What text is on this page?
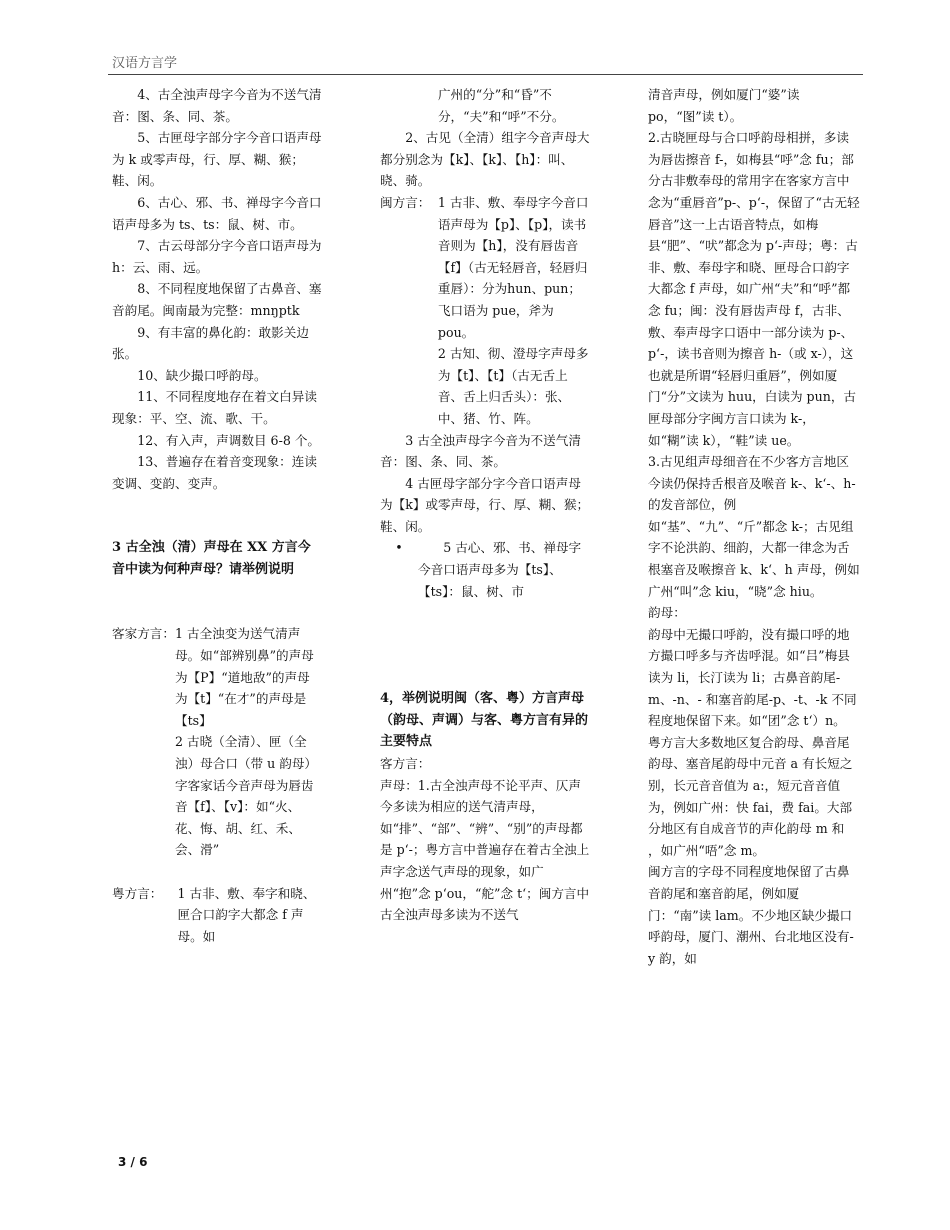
汉语方言学

4、古全浊声母字今音为不送气清音：图、条、同、茶。

5、古匣母字部分字今音口语声母为 k 或零声母，行、厚、糊、猴；鞋、闲。

6、古心、邪、书、禅母字今音口语声母多为 ts、ts：鼠、树、市。

7、古云母部分字今音口语声母为 h：云、雨、远。

8、不同程度地保留了古鼻音、塞音韵尾。闽南最为完整：mnŋptk

9、有丰富的鼻化韵：敢影关边张。

10、缺少撮口呼韵母。

11、不同程度地存在着文白异读现象：平、空、流、歌、干。

12、有入声，声调数目 6-8 个。

13、普遍存在着音变现象：连读变调、变韵、变声。

3 古全浊（清）声母在 XX 方言今音中读为何种声母？请举例说明

客家方言： 1 古全浊变为送气清声母。如“部辨别鼻”的声母为【P】“道地敌”的声母为【t】“在才”的声母是【ts】

2 古晓（全清）、匣（全浊）母合口（带 u 韵母）字客家话今音声母为唇齿音【f】、【v】：如“火、花、悔、胡、红、禾、会、滑”

粤方言： 1 古非、敷、奉字和晓、匣合口韵字大都念 f 声母。如

广州的“分”和“昏”不分，“夫”和“呼”不分。

2、古见（全清）组字今音声母大都分别念为【k】、【k】、【h】：叫、晓、骑。

闽方言： 1 古非、敷、奉母字今音口语声母为【p】、【p】，读书音则为【h】，没有唇齿音【f】（古无轻唇音，轻唇归重唇）：分为hun、pun；飞口语为 pue，斧为pou。

2 古知、彻、澄母字声母多为【t】、【t】（古无舌上音、舌上归舌头）：张、中、猪、竹、阵。

3 古全浊声母字今音为不送气清音：图、条、同、茶。

4 古匣母字部分字今音口语声母为【k】或零声母，行、厚、糊、猴；鞋、闲。

•	5 古心、邪、书、禅母字今音口语声母多为【ts】、【ts】：鼠、树、市

4，举例说明闽（客、粤）方言声母（韵母、声调）与客、粤方言有异的主要特点

客方言：

声母：1.古全浊声母不论平声、仄声今多读为相应的送气清声母，如“排”、“部”、“辨”、“别”的声母都是 p‘-；粤方言中普遍存在着古全浊上声字念送气声母的现象，如广州“抱”念 p‘ou，“舵”念 t‘；闽方言中古全浊声母多读为不送气

清音声母，例如厦门“婆”读 po，“图”读 t）。

2.古晓匣母与合口呼韵母相拼，多读为唇齿擦音 f-，如梅县“呼”念 fu；部分古非敷奉母的常用字在客家方言中念为“重唇音”p-、p‘-，保留了“古无轻唇音”这一上古语音特点，如梅县“肥”、“吠”都念为 p‘-声母；粤：古非、敷、奉母字和晓、匣母合口韵字大都念 f 声母，如广州“夫”和“呼”都念 fu；闽：没有唇齿声母 f，古非、敷、奉声母字口语中一部分读为 p-、p‘-，读书音则为擦音 h-（或 x-），这也就是所谓“轻唇归重唇”，例如厦门“分”文读为 huu，白读为 pun，古匣母部分字闽方言口读为 k-，如“糊”读 k），“鞋”读 ue。

3.古见组声母细音在不少客方言地区今读仍保持舌根音及喉音 k-、k‘-、h-的发音部位，例如“基”、“九”、“斤”都念 k-；古见组字不论洪韵、细韵，大都一律念为舌根塞音及喉擦音 k、k‘、h 声母，例如广州“叫”念 kiu，“晓”念 hiu。

韵母：

韵母中无撮口呼韵，没有撮口呼的地方撮口呼多与齐齿呼混。如“吕”梅县读为 li，长汀读为 li；古鼻音韵尾-m、-n、- 和塞音韵尾-p、-t、-k 不同程度地保留下来。如“团”念 t‘）n。

粤方言大多数地区复合韵母、鼻音尾韵母、塞音尾韵母中元音 a 有长短之别，长元音音值为 a:，短元音音值为，例如广州：快 fai，费 fai。大部分地区有自成音节的声化韵母 m 和 ，如广州“唔”念 m。

闽方言的字母不同程度地保留了古鼻音韵尾和塞音韵尾，例如厦门：“南”读 lam。不少地区缺少撮口呼韵母，厦门、潮州、台北地区没有-y 韵，如

3 / 6
